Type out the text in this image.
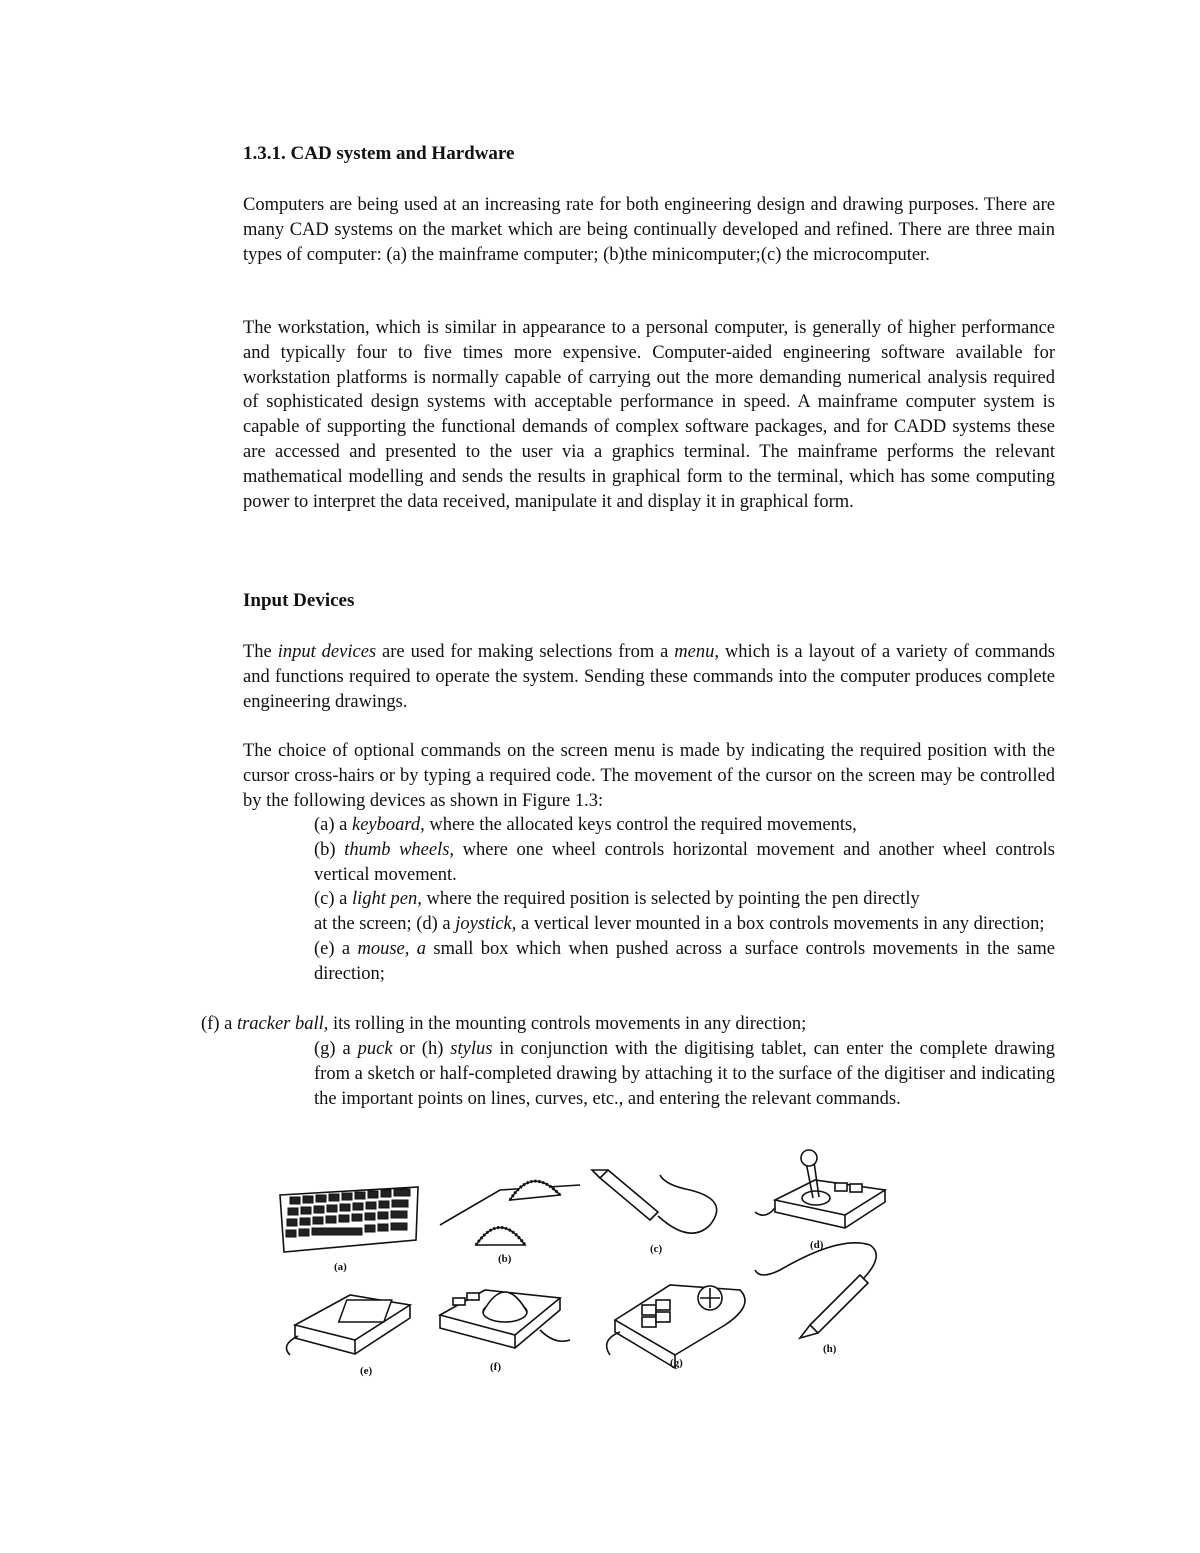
1.3.1. CAD system and Hardware
Computers are being used at an increasing rate for both engineering design and drawing purposes. There are many CAD systems on the market which are being continually developed and refined. There are three main types of computer: (a) the mainframe computer; (b)the minicomputer;(c) the microcomputer.
The workstation, which is similar in appearance to a personal computer, is generally of higher performance and typically four to five times more expensive. Computer-aided engineering software available for workstation platforms is normally capable of carrying out the more demanding numerical analysis required of sophisticated design systems with acceptable performance in speed. A mainframe computer system is capable of supporting the functional demands of complex software packages, and for CADD systems these are accessed and presented to the user via a graphics terminal. The mainframe performs the relevant mathematical modelling and sends the results in graphical form to the terminal, which has some computing power to interpret the data received, manipulate it and display it in graphical form.
Input Devices
The input devices are used for making selections from a menu, which is a layout of a variety of commands and functions required to operate the system. Sending these commands into the computer produces complete engineering drawings.
The choice of optional commands on the screen menu is made by indicating the required position with the cursor cross-hairs or by typing a required code. The movement of the cursor on the screen may be controlled by the following devices as shown in Figure 1.3:
(a) a keyboard, where the allocated keys control the required movements,
(b) thumb wheels, where one wheel controls horizontal movement and another wheel controls vertical movement.
(c) a light pen, where the required position is selected by pointing the pen directly
at the screen; (d) a joystick, a vertical lever mounted in a box controls movements in any direction;
(e) a mouse, a small box which when pushed across a surface controls movements in the same direction;
(f) a tracker ball, its rolling in the mounting controls movements in any direction;
(g) a puck or (h) stylus in conjunction with the digitising tablet, can enter the complete drawing from a sketch or half-completed drawing by attaching it to the surface of the digitiser and indicating the important points on lines, curves, etc., and entering the relevant commands.
(a)
(b)
(c)	(d)
(e)	(f)	(g)
(h)
